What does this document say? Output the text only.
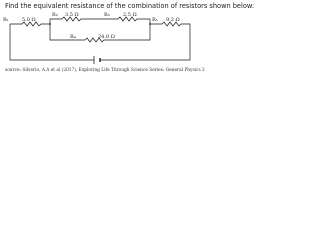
Find the equivalent resistance of the combination of resistors shown below:
R₁	5.0 Ω
R₂ 3.5 Ω	R₃	2.5 Ω
R₄	24.0 Ω
R₅ 9.2 Ω
source: Silverio, A.A et al (2017), Exploring Life Through Science Series: General Physics 2
